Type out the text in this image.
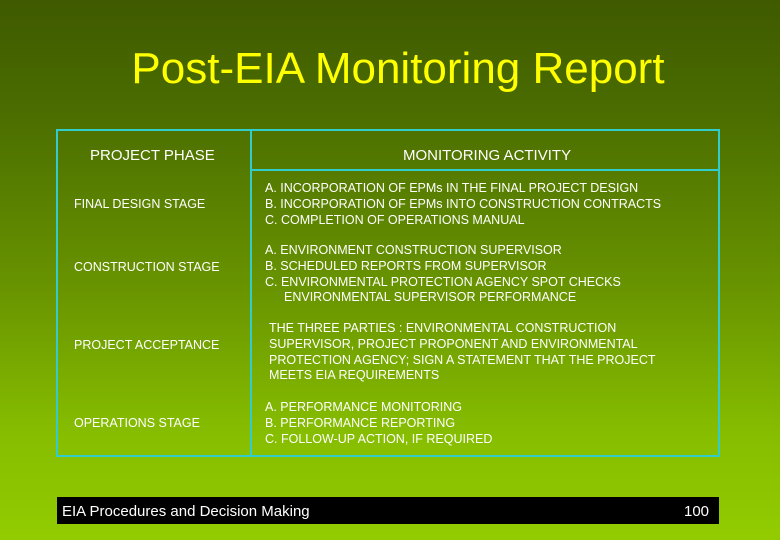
Post-EIA Monitoring Report
PROJECT PHASE	MONITORING ACTIVITY
FINAL DESIGN STAGE
A. INCORPORATION OF EPMs IN THE FINAL PROJECT DESIGN
B. INCORPORATION OF EPMs INTO CONSTRUCTION CONTRACTS
C. COMPLETION OF OPERATIONS MANUAL
CONSTRUCTION STAGE
A. ENVIRONMENT CONSTRUCTION SUPERVISOR
B. SCHEDULED REPORTS FROM SUPERVISOR
C. ENVIRONMENTAL PROTECTION AGENCY SPOT CHECKS
ENVIRONMENTAL SUPERVISOR PERFORMANCE
PROJECT ACCEPTANCE
THE THREE PARTIES : ENVIRONMENTAL CONSTRUCTION
SUPERVISOR, PROJECT PROPONENT AND ENVIRONMENTAL
PROTECTION AGENCY; SIGN A STATEMENT THAT THE PROJECT
MEETS EIA REQUIREMENTS
OPERATIONS STAGE
A. PERFORMANCE MONITORING
B. PERFORMANCE REPORTING
C. FOLLOW-UP ACTION, IF REQUIRED
EIA Procedures and Decision Making	100
